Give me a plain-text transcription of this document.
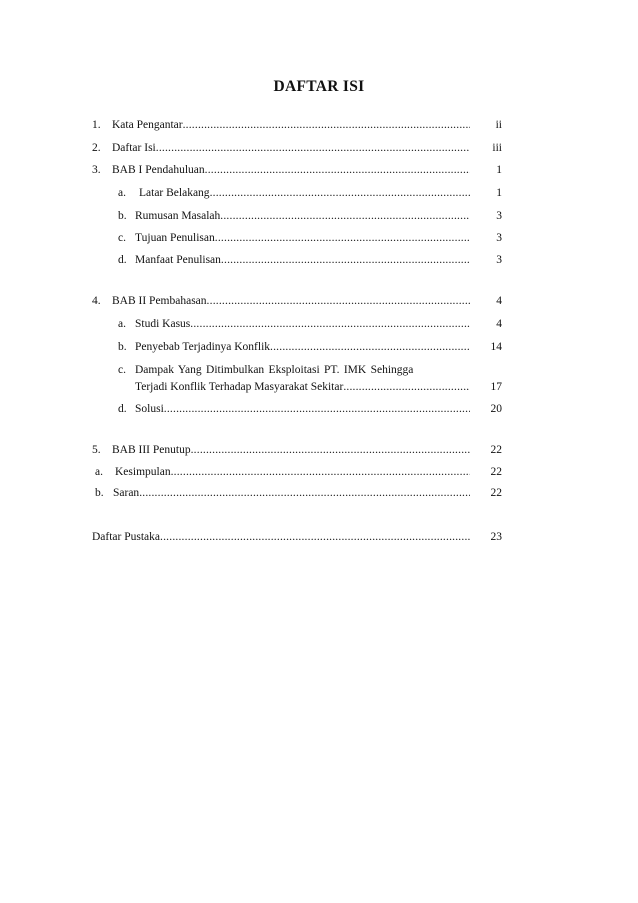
DAFTAR ISI
1. Kata Pengantar .....	ii
2. Daftar Isi .....	iii
3. BAB I Pendahuluan .....	1
a.	Latar Belakang .....	1
b. Rumusan Masalah .....	3
c. Tujuan Penulisan .....	3
d. Manfaat Penulisan .....	3
4. BAB II Pembahasan .....	4
a. Studi Kasus .....	4
b. Penyebab Terjadinya Konflik .....	14
c. Dampak Yang Ditimbulkan Eksploitasi PT. IMK Sehingga
Terjadi Konflik Terhadap Masyarakat Sekitar .....	17
d. Solusi .....	20
5. BAB III Penutup .....	22
a.	Kesimpulan .....	22
b. Saran .....	22
Daftar Pustaka .....	23
